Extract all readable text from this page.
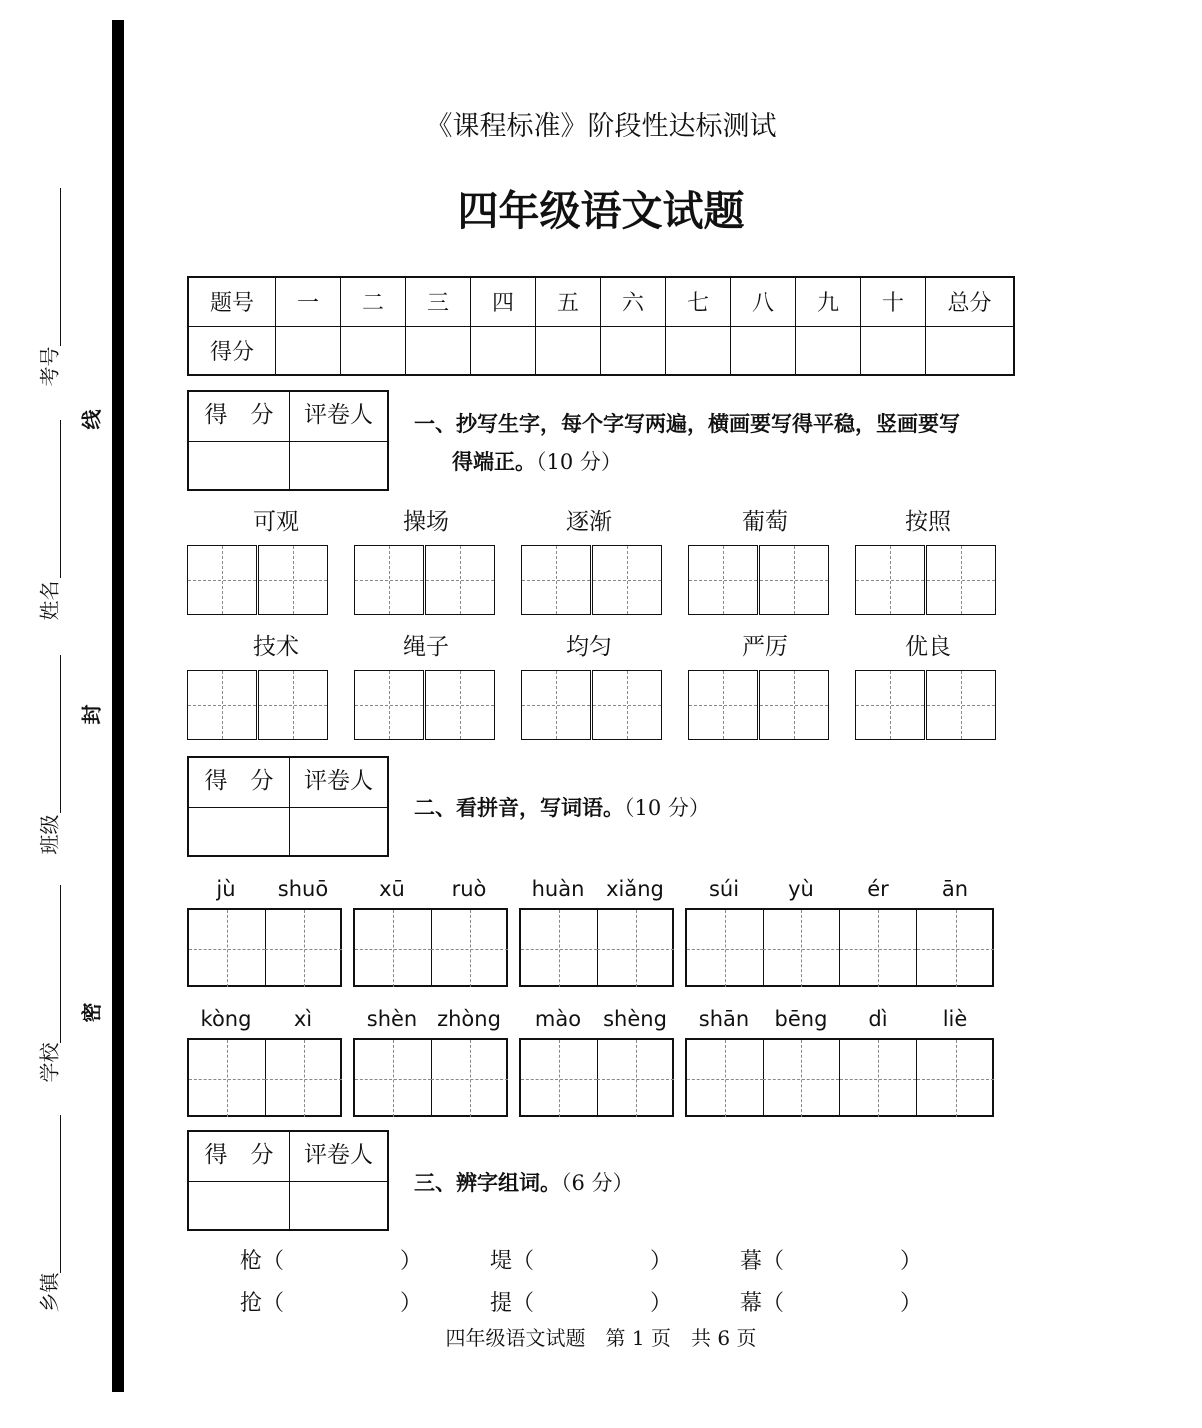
考号
姓名
班级
学校
乡镇
线
封
密
《课程标准》阶段性达标测试
四年级语文试题
题号	一	二	三	四	五	六	七	八	九	十	总分
得分											
得　分	评卷人
	一、抄写生字，每个字写两遍，横画要写得平稳，竖画要写
得端正。（10 分）
可观	操场	逐渐	葡萄	按照
技术	绳子	均匀	严厉	优良
得　分	评卷人

二、看拼音，写词语。（10 分）
jù	shuō	xū	ruò	huàn	xiǎng	súi	yù	ér	ān
kòng	xì	shèn zhòng	mào	shèng	shān	bēng	dì	liè
得　分	评卷人

三、辨字组词。（6 分）
枪（	）	堤（	）	暮（	）
抢（	）	提（	）	幕（	）
四年级语文试题　第 1 页　共 6 页
